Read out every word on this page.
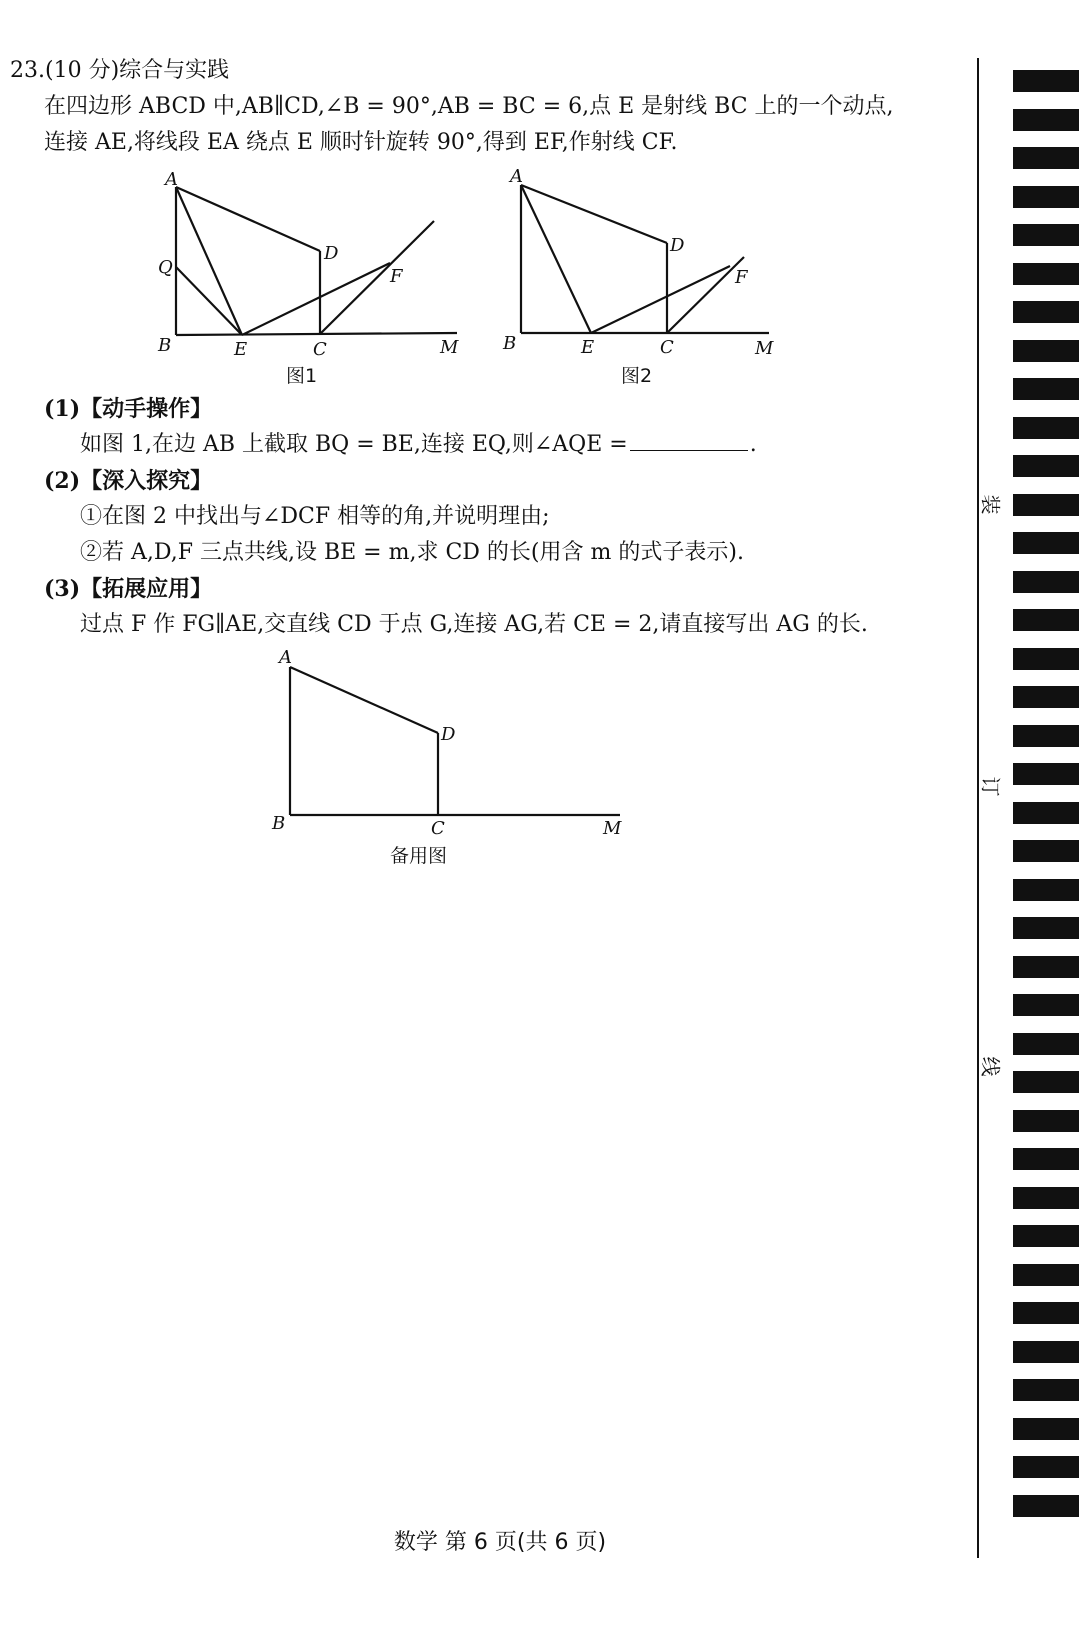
23.(10 分)综合与实践
在四边形 ABCD 中,AB∥CD,∠B = 90°,AB = BC = 6,点 E 是射线 BC 上的一个动点,
连接 AE,将线段 EA 绕点 E 顺时针旋转 90°,得到 EF,作射线 CF.
A
Q
B	E	C
D
F
M
图1
A
B	E	C
D
F
M
图2
(1)【动手操作】
如图 1,在边 AB 上截取 BQ = BE,连接 EQ,则∠AQE =	.
(2)【深入探究】
①在图 2 中找出与∠DCF 相等的角,并说明理由;
②若 A,D,F 三点共线,设 BE = m,求 CD 的长(用含 m 的式子表示).
(3)【拓展应用】
过点 F 作 FG∥AE,交直线 CD 于点 G,连接 AG,若 CE = 2,请直接写出 AG 的长.
A
B	C
D
M
备用图
装
订
线
数学 第 6 页(共 6 页)
